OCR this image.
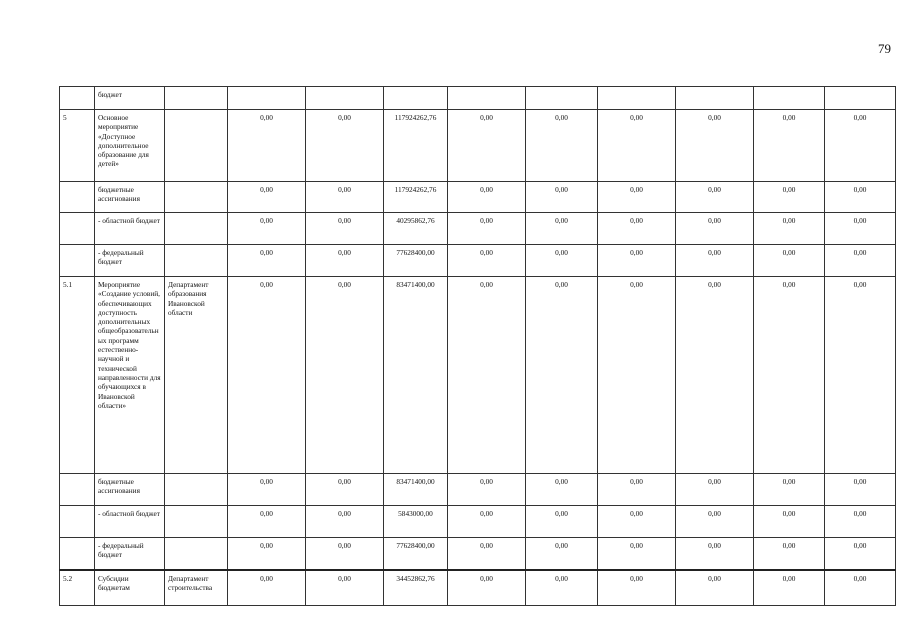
79
	бюджет										
5	Основное мероприятие «Доступное дополнительное образование для детей»		0,00	0,00	117924262,76	0,00	0,00	0,00	0,00	0,00	0,00
	бюджетные ассигнования		0,00	0,00	117924262,76	0,00	0,00	0,00	0,00	0,00	0,00
	- областной бюджет		0,00	0,00	40295862,76	0,00	0,00	0,00	0,00	0,00	0,00
	- федеральный бюджет		0,00	0,00	77628400,00	0,00	0,00	0,00	0,00	0,00	0,00
5.1	Мероприятие «Создание условий, обеспечивающих доступность дополнительных общеобразовательных программ естественно-научной и технической направленности для обучающихся в Ивановской области»	Департамент образования Ивановской области	0,00	0,00	83471400,00	0,00	0,00	0,00	0,00	0,00	0,00
	бюджетные ассигнования		0,00	0,00	83471400,00	0,00	0,00	0,00	0,00	0,00	0,00
	- областной бюджет		0,00	0,00	5843000,00	0,00	0,00	0,00	0,00	0,00	0,00
	- федеральный бюджет		0,00	0,00	77628400,00	0,00	0,00	0,00	0,00	0,00	0,00
5.2	Субсидии бюджетам	Департамент строительства	0,00	0,00	34452862,76	0,00	0,00	0,00	0,00	0,00	0,00
